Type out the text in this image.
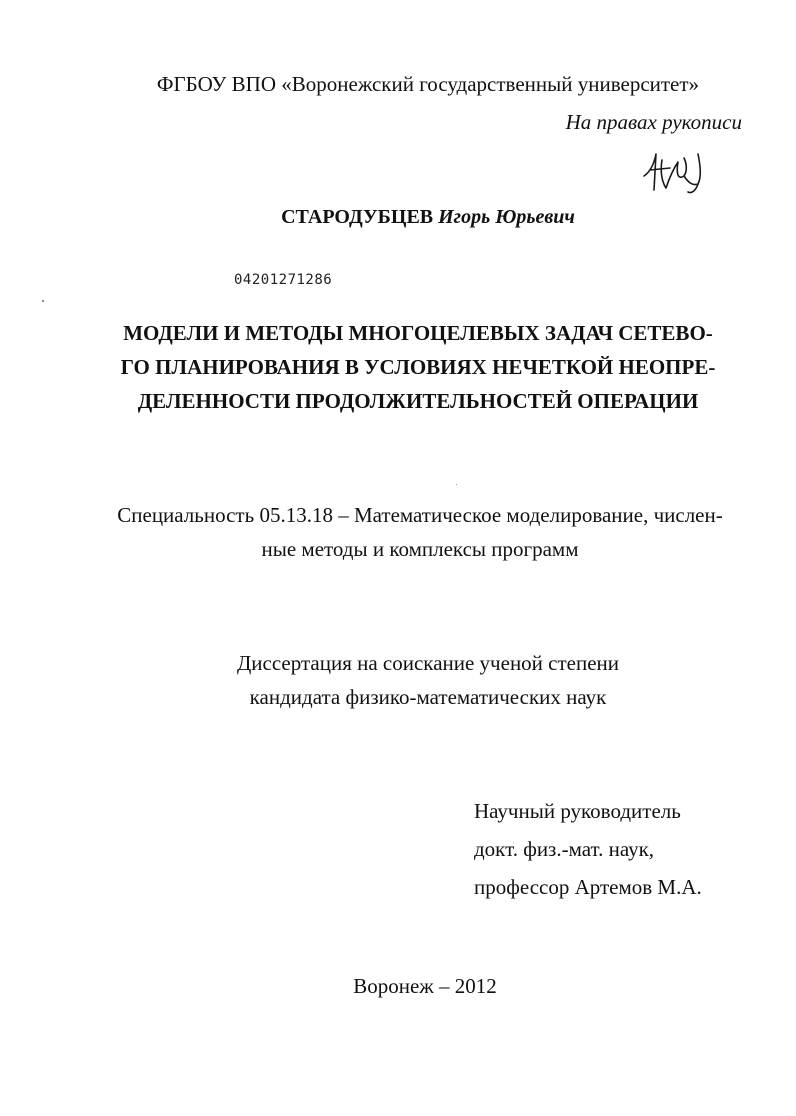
ФГБОУ ВПО «Воронежский государственный университет»
На правах рукописи
СТАРОДУБЦЕВ Игорь Юрьевич
04201271286
МОДЕЛИ И МЕТОДЫ МНОГОЦЕЛЕВЫХ ЗАДАЧ СЕТЕВО-
ГО ПЛАНИРОВАНИЯ В УСЛОВИЯХ НЕЧЕТКОЙ НЕОПРЕ-
ДЕЛЕННОСТИ ПРОДОЛЖИТЕЛЬНОСТЕЙ ОПЕРАЦИИ
Специальность 05.13.18 – Математическое моделирование, числен-
ные методы и комплексы программ
Диссертация на соискание ученой степени
кандидата физико-математических наук
Научный руководитель
докт. физ.-мат. наук,
профессор Артемов М.А.
Воронеж – 2012
